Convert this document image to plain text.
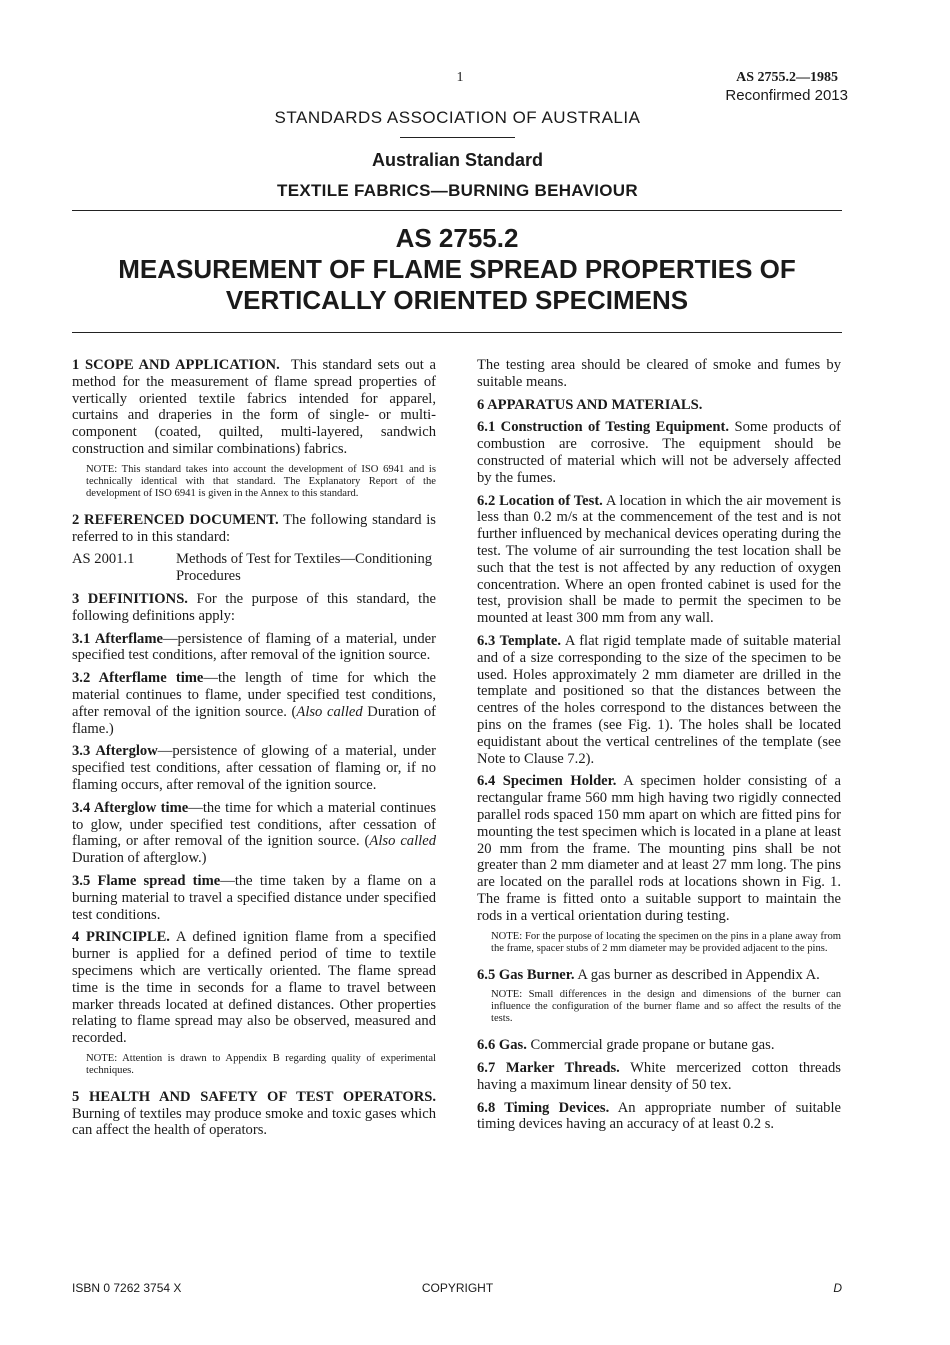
1	AS 2755.2—1985
Reconfirmed 2013
STANDARDS ASSOCIATION OF AUSTRALIA
Australian Standard
TEXTILE FABRICS—BURNING BEHAVIOUR
AS 2755.2
MEASUREMENT OF FLAME SPREAD PROPERTIES OF
VERTICALLY ORIENTED SPECIMENS

1 SCOPE AND APPLICATION. This standard sets out a method for the measurement of flame spread properties of vertically oriented textile fabrics intended for apparel, curtains and draperies in the form of single- or multi-component (coated, quilted, multi-layered, sandwich construction and similar combinations) fabrics.

NOTE: This standard takes into account the development of ISO 6941 and is technically identical with that standard. The Explanatory Report of the development of ISO 6941 is given in the Annex to this standard.

2 REFERENCED DOCUMENT. The following standard is referred to in this standard:

AS 2001.1	Methods of Test for Textiles—Conditioning Procedures

3 DEFINITIONS. For the purpose of this standard, the following definitions apply:

3.1 Afterflame—persistence of flaming of a material, under specified test conditions, after removal of the ignition source.

3.2 Afterflame time—the length of time for which the material continues to flame, under specified test conditions, after removal of the ignition source. (Also called Duration of flame.)

3.3 Afterglow—persistence of glowing of a material, under specified test conditions, after cessation of flaming or, if no flaming occurs, after removal of the ignition source.

3.4 Afterglow time—the time for which a material continues to glow, under specified test conditions, after cessation of flaming, or after removal of the ignition source. (Also called Duration of afterglow.)

3.5 Flame spread time—the time taken by a flame on a burning material to travel a specified distance under specified test conditions.

4 PRINCIPLE. A defined ignition flame from a specified burner is applied for a defined period of time to textile specimens which are vertically oriented. The flame spread time is the time in seconds for a flame to travel between marker threads located at defined distances. Other properties relating to flame spread may also be observed, measured and recorded.

NOTE: Attention is drawn to Appendix B regarding quality of experimental techniques.

5 HEALTH AND SAFETY OF TEST OPERATORS. Burning of textiles may produce smoke and toxic gases which can affect the health of operators.

The testing area should be cleared of smoke and fumes by suitable means.

6 APPARATUS AND MATERIALS.

6.1 Construction of Testing Equipment. Some products of combustion are corrosive. The equipment should be constructed of material which will not be adversely affected by the fumes.

6.2 Location of Test. A location in which the air movement is less than 0.2 m/s at the commencement of the test and is not further influenced by mechanical devices operating during the test. The volume of air surrounding the test location shall be such that the test is not affected by any reduction of oxygen concentration. Where an open fronted cabinet is used for the test, provision shall be made to permit the specimen to be mounted at least 300 mm from any wall.

6.3 Template. A flat rigid template made of suitable material and of a size corresponding to the size of the specimen to be used. Holes approximately 2 mm diameter are drilled in the template and positioned so that the distances between the centres of the holes correspond to the distances between the pins on the frames (see Fig. 1). The holes shall be located equidistant about the vertical centrelines of the template (see Note to Clause 7.2).

6.4 Specimen Holder. A specimen holder consisting of a rectangular frame 560 mm high having two rigidly connected parallel rods spaced 150 mm apart on which are fitted pins for mounting the test specimen which is located in a plane at least 20 mm from the frame. The mounting pins shall be not greater than 2 mm diameter and at least 27 mm long. The pins are located on the parallel rods at locations shown in Fig. 1. The frame is fitted onto a suitable support to maintain the rods in a vertical orientation during testing.

NOTE: For the purpose of locating the specimen on the pins in a plane away from the frame, spacer stubs of 2 mm diameter may be provided adjacent to the pins.

6.5 Gas Burner. A gas burner as described in Appendix A.

NOTE: Small differences in the design and dimensions of the burner can influence the configuration of the burner flame and so affect the results of the tests.

6.6 Gas. Commercial grade propane or butane gas.

6.7 Marker Threads. White mercerized cotton threads having a maximum linear density of 50 tex.

6.8 Timing Devices. An appropriate number of suitable timing devices having an accuracy of at least 0.2 s.

ISBN 0 7262 3754 X	COPYRIGHT	D
